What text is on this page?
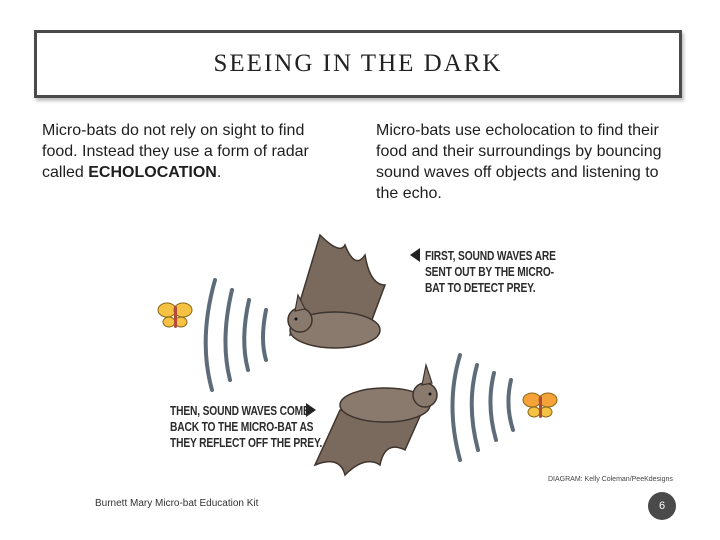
SEEING IN THE DARK
Micro-bats do not rely on sight to find food. Instead they use a form of radar called ECHOLOCATION.
Micro-bats use echolocation to find their food and their surroundings by bouncing sound waves off objects and listening to the echo.
FIRST, SOUND WAVES ARE
SENT OUT BY THE MICRO-
BAT TO DETECT PREY.
THEN, SOUND WAVES COME
BACK TO THE MICRO-BAT AS
THEY REFLECT OFF THE PREY.
DIAGRAM: Kelly Coleman/PeeKdesigns
Burnett Mary Micro-bat Education Kit	6
